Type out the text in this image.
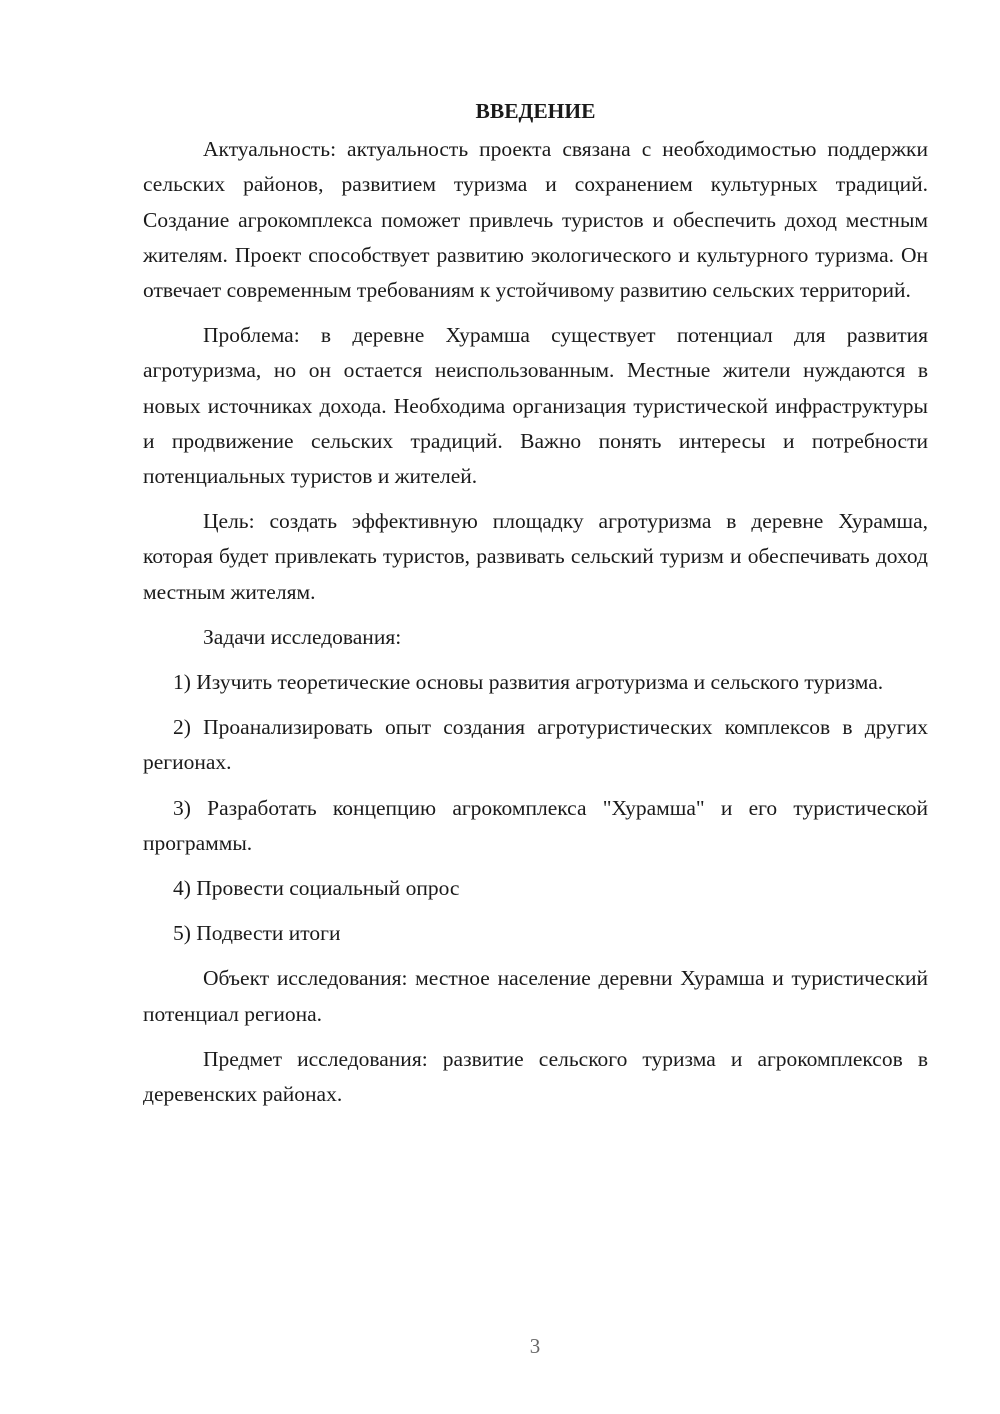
ВВЕДЕНИЕ

Актуальность: актуальность проекта связана с необходимостью поддержки сельских районов, развитием туризма и сохранением культурных традиций. Создание агрокомплекса поможет привлечь туристов и обеспечить доход местным жителям. Проект способствует развитию экологического и культурного туризма. Он отвечает современным требованиям к устойчивому развитию сельских территорий.

Проблема: в деревне Хурамша существует потенциал для развития агротуризма, но он остается неиспользованным. Местные жители нуждаются в новых источниках дохода. Необходима организация туристической инфраструктуры и продвижение сельских традиций. Важно понять интересы и потребности потенциальных туристов и жителей.

Цель: создать эффективную площадку агротуризма в деревне Хурамша, которая будет привлекать туристов, развивать сельский туризм и обеспечивать доход местным жителям.

Задачи исследования:

1) Изучить теоретические основы развития агротуризма и сельского туризма.

2) Проанализировать опыт создания агротуристических комплексов в других регионах.

3) Разработать концепцию агрокомплекса "Хурамша" и его туристической программы.

4) Провести социальный опрос

5) Подвести итоги

Объект исследования: местное население деревни Хурамша и туристический потенциал региона.

Предмет исследования: развитие сельского туризма и агрокомплексов в деревенских районах.

3
